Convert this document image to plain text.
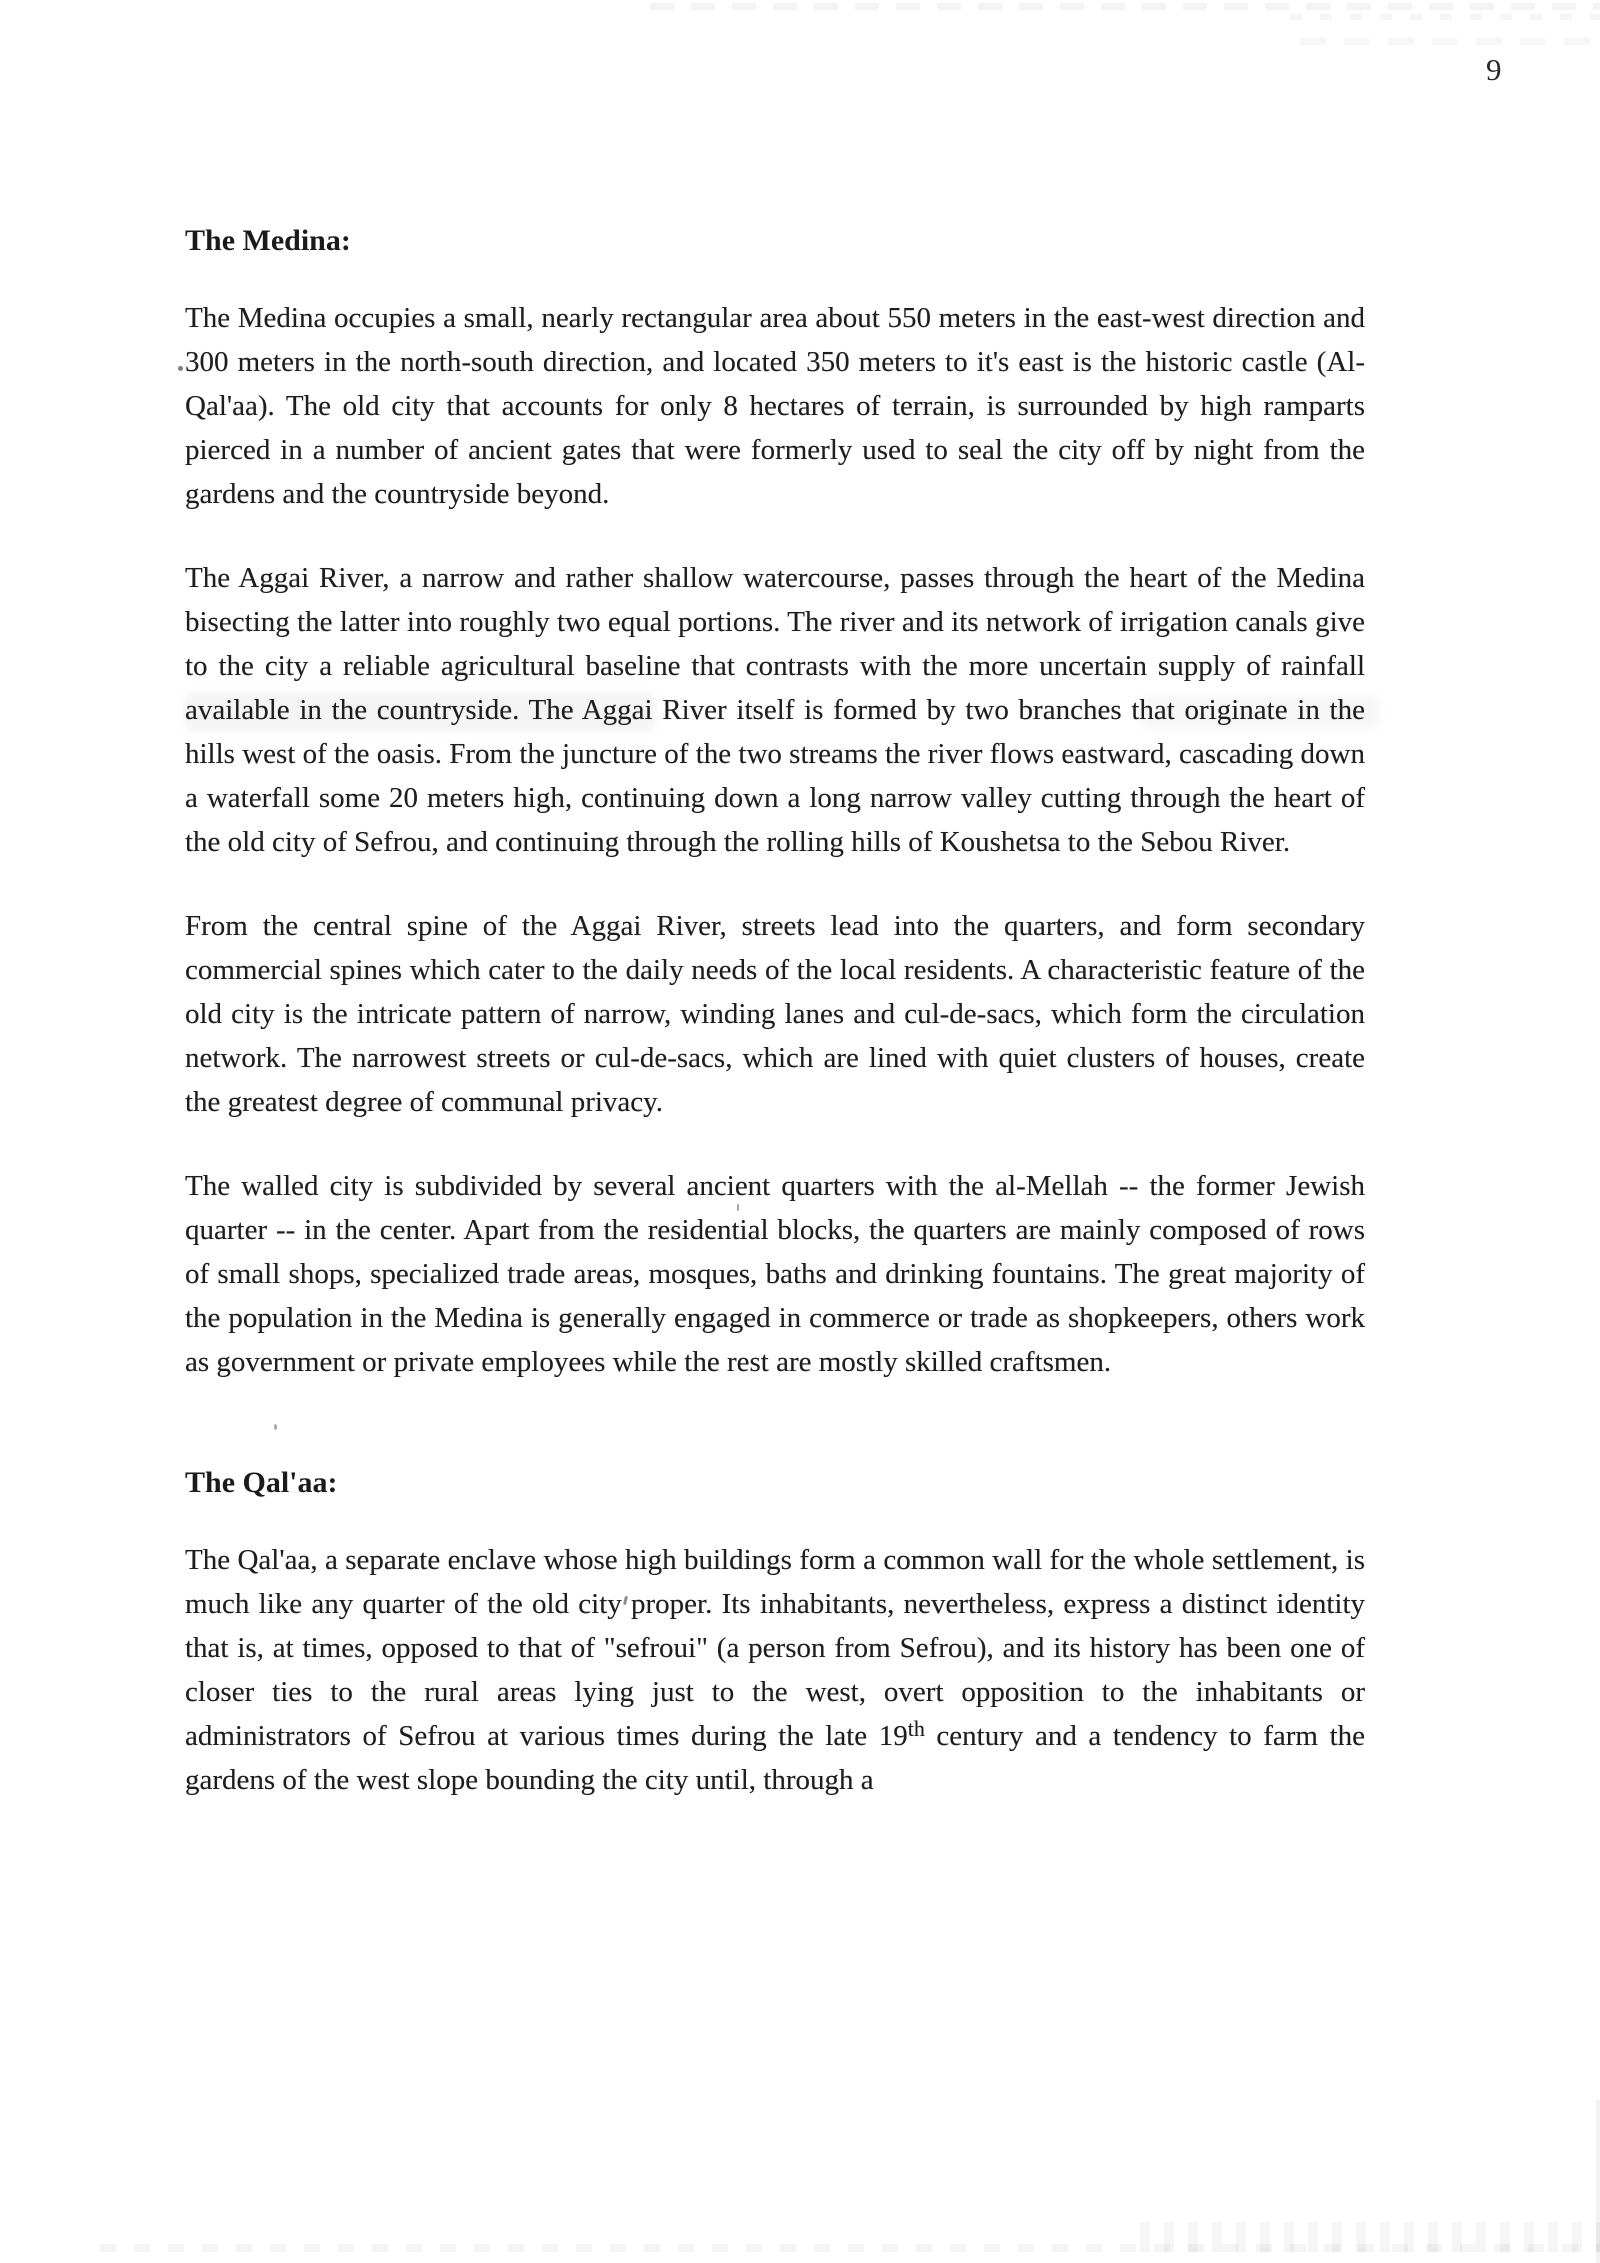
9
The Medina:

The Medina occupies a small, nearly rectangular area about 550 meters in the east-west direction and 300 meters in the north-south direction, and located 350 meters to it's east is the historic castle (Al-Qal'aa). The old city that accounts for only 8 hectares of terrain, is surrounded by high ramparts pierced in a number of ancient gates that were formerly used to seal the city off by night from the gardens and the countryside beyond.

The Aggai River, a narrow and rather shallow watercourse, passes through the heart of the Medina bisecting the latter into roughly two equal portions. The river and its network of irrigation canals give to the city a reliable agricultural baseline that contrasts with the more uncertain supply of rainfall available in the countryside. The Aggai River itself is formed by two branches that originate in the hills west of the oasis. From the juncture of the two streams the river flows eastward, cascading down a waterfall some 20 meters high, continuing down a long narrow valley cutting through the heart of the old city of Sefrou, and continuing through the rolling hills of Koushetsa to the Sebou River.

From the central spine of the Aggai River, streets lead into the quarters, and form secondary commercial spines which cater to the daily needs of the local residents. A characteristic feature of the old city is the intricate pattern of narrow, winding lanes and cul-de-sacs, which form the circulation network. The narrowest streets or cul-de-sacs, which are lined with quiet clusters of houses, create the greatest degree of communal privacy.

The walled city is subdivided by several ancient quarters with the al-Mellah -- the former Jewish quarter -- in the center. Apart from the residential blocks, the quarters are mainly composed of rows of small shops, specialized trade areas, mosques, baths and drinking fountains. The great majority of the population in the Medina is generally engaged in commerce or trade as shopkeepers, others work as government or private employees while the rest are mostly skilled craftsmen.

The Qal'aa:

The Qal'aa, a separate enclave whose high buildings form a common wall for the whole settlement, is much like any quarter of the old city proper. Its inhabitants, nevertheless, express a distinct identity that is, at times, opposed to that of "sefroui" (a person from Sefrou), and its history has been one of closer ties to the rural areas lying just to the west, overt opposition to the inhabitants or administrators of Sefrou at various times during the late 19th century and a tendency to farm the gardens of the west slope bounding the city until, through a
